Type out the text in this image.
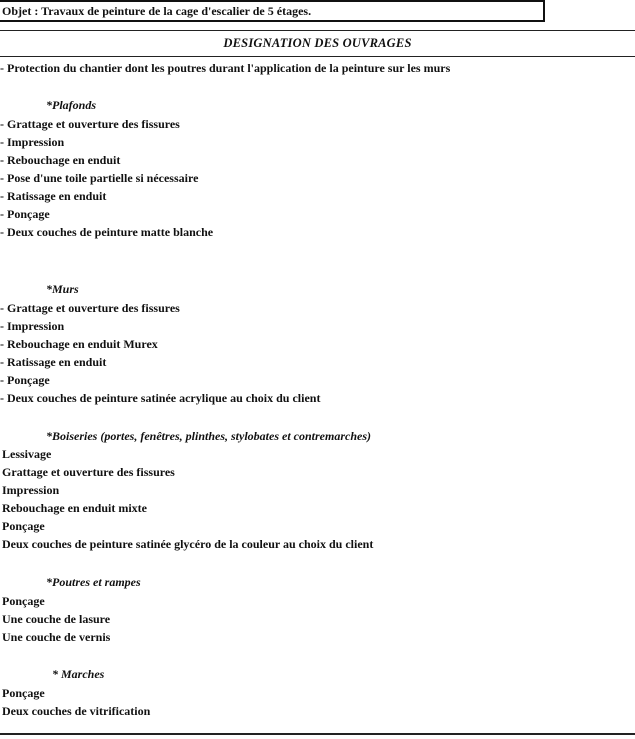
Objet : Travaux de peinture de la cage d'escalier de 5 étages.
DESIGNATION DES OUVRAGES
- Protection du chantier dont les poutres durant l'application de la peinture sur les murs
*Plafonds
- Grattage et ouverture des fissures
- Impression
- Rebouchage en enduit
- Pose d'une toile partielle si nécessaire
- Ratissage en enduit
- Ponçage
- Deux couches de peinture matte blanche
*Murs
- Grattage et ouverture des fissures
- Impression
- Rebouchage en enduit Murex
- Ratissage en enduit
- Ponçage
- Deux couches de peinture satinée acrylique au choix du client
*Boiseries (portes, fenêtres, plinthes, stylobates et contremarches)
Lessivage
Grattage et ouverture des fissures
Impression
Rebouchage en enduit mixte
Ponçage
Deux couches de peinture satinée glycéro de la couleur au choix du client
*Poutres et rampes
Ponçage
Une couche de lasure
Une couche de vernis
* Marches
Ponçage
Deux couches de vitrification
